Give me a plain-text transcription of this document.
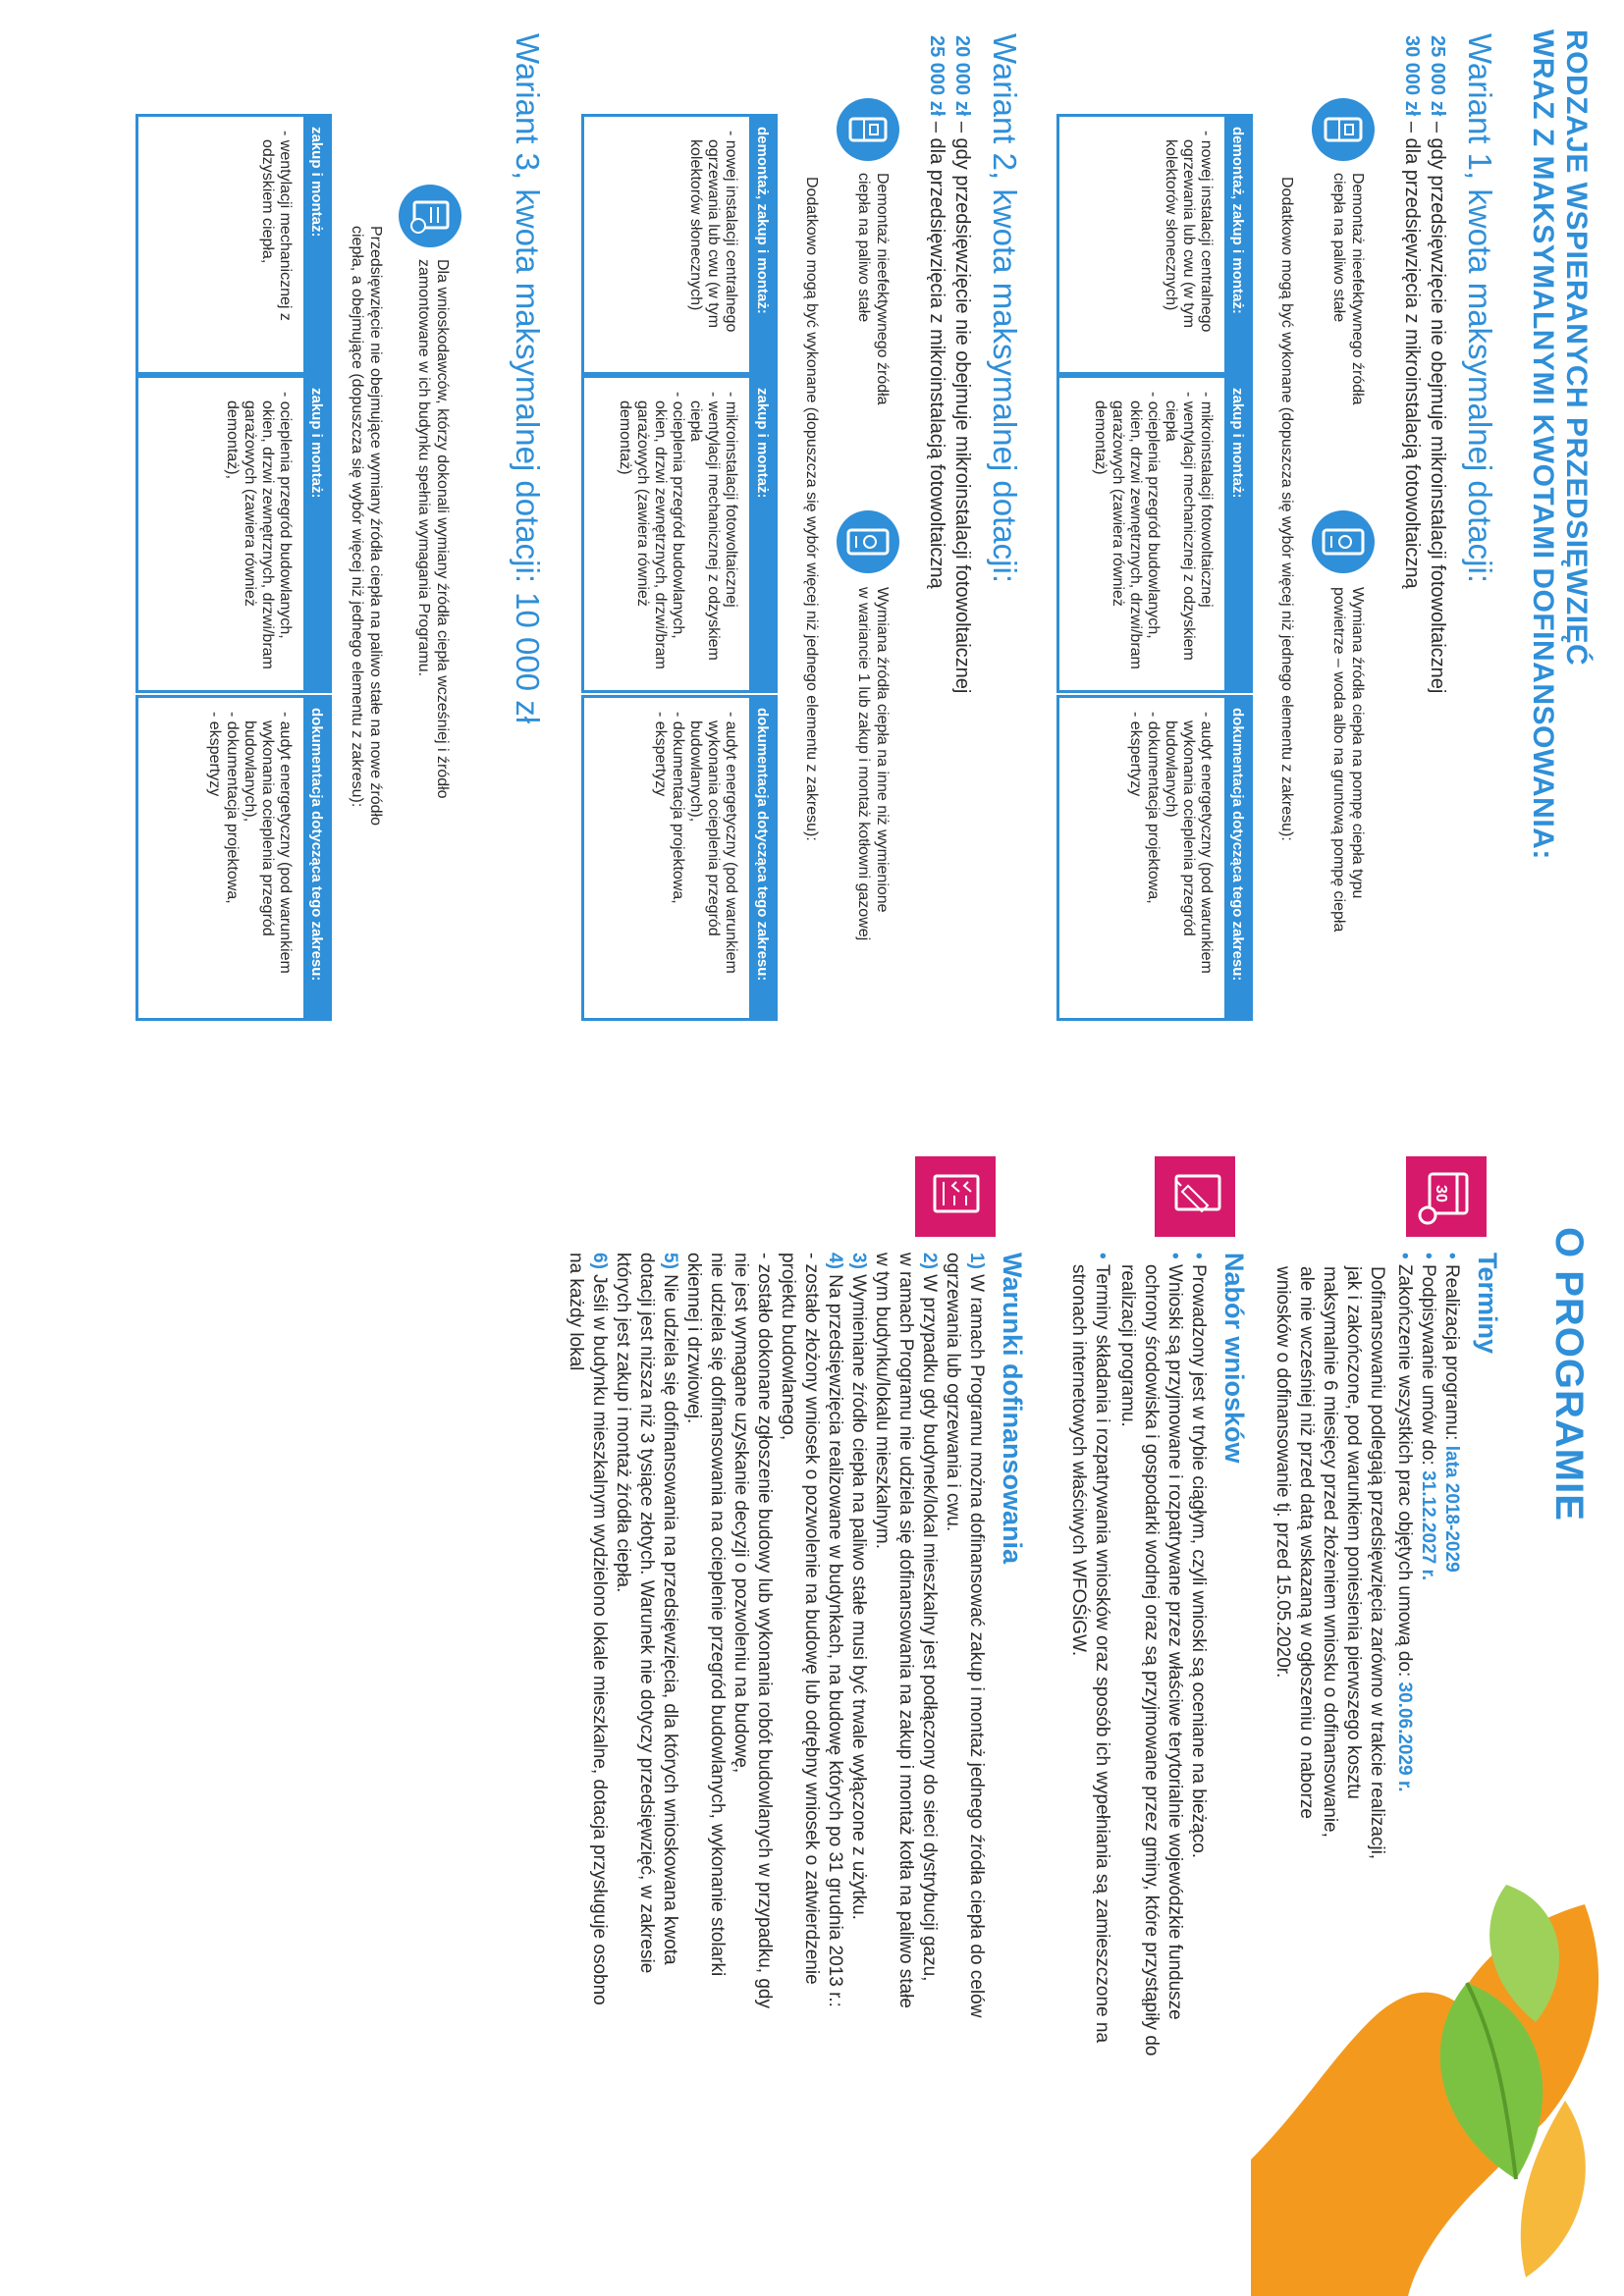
RODZAJE WSPIERANYCH PRZEDSIĘWZIĘĆ
WRAZ Z MAKSYMALNYMI KWOTAMI DOFINANSOWANIA:
Wariant 1, kwota maksymalnej dotacji:
25 000 zł – gdy przedsięwzięcie nie obejmuje mikroinstalacji fotowoltaicznej
30 000 zł – dla przedsięwzięcia z mikroinstalacją fotowoltaiczną
Demontaż nieefektywnego źródła
ciepła na paliwo stałe
Wymiana źródła ciepła na pompę ciepła typu
powietrze – woda albo na gruntową pompę ciepła
Dodatkowo mogą być wykonane (dopuszcza się wybór więcej niż jednego elementu z zakresu):
demontaż, zakup i montaż:
- nowej instalacji centralnego ogrzewania lub cwu (w tym kolektorów słonecznych)
zakup i montaż:
- mikroinstalacji fotowoltaicznej
- wentylacji mechanicznej z odzyskiem ciepła
- ocieplenia przegród budowlanych, okien, drzwi zewnętrznych, drzwi/bram garażowych (zawiera również demontaż)
dokumentacja dotycząca tego zakresu:
- audyt energetyczny (pod warunkiem wykonania ocieplenia przegród budowlanych)
- dokumentacja projektowa,
- ekspertyzy
Wariant 2, kwota maksymalnej dotacji:
20 000 zł – gdy przedsięwzięcie nie obejmuje mikroinstalacji fotowoltaicznej
25 000 zł – dla przedsięwzięcia z mikroinstalacją fotowoltaiczną
Demontaż nieefektywnego źródła
ciepła na paliwo stałe
Wymiana źródła ciepła na inne niż wymienione
w wariancie 1 lub zakup i montaż kotłowni gazowej
Dodatkowo mogą być wykonane (dopuszcza się wybór więcej niż jednego elementu z zakresu):
demontaż, zakup i montaż:
- nowej instalacji centralnego ogrzewania lub cwu (w tym kolektorów słonecznych)
zakup i montaż:
- mikroinstalacji fotowoltaicznej
- wentylacji mechanicznej z odzyskiem ciepła
- ocieplenia przegród budowlanych, okien, drzwi zewnętrznych, drzwi/bram garażowych (zawiera również demontaż)
dokumentacja dotycząca tego zakresu:
- audyt energetyczny (pod warunkiem wykonania ocieplenia przegród budowlanych),
- dokumentacja projektowa,
- ekspertyzy
Wariant 3, kwota maksymalnej dotacji: 10 000 zł
Dla wnioskodawców, którzy dokonali wymiany źródła ciepła wcześniej i źródło
zamontowane w ich budynku spełnia wymagania Programu.
Przedsięwzięcie nie obejmujące wymiany źródła ciepła na paliwo stałe na nowe źródło
ciepła, a obejmujące (dopuszcza się wybór więcej niż jednego elementu z zakresu):
zakup i montaż:
- wentylacji mechanicznej z odzyskiem ciepła,
zakup i montaż:
- ocieplenia przegród budowlanych, okien, drzwi zewnętrznych, drzwi/bram garażowych (zawiera również demontaż),
dokumentacja dotycząca tego zakresu:
- audyt energetyczny (pod warunkiem wykonania ocieplenia przegród budowlanych),
- dokumentacja projektowa,
- ekspertyzy
O PROGRAMIE
30
Terminy
• Realizacja programu: lata 2018-2029
• Podpisywanie umów do: 31.12.2027 r.
• Zakończenie wszystkich prac objętych umową do: 30.06.2029 r.
Dofinansowaniu podlegają przedsięwzięcia zarówno w trakcie realizacji,
jak i zakończone, pod warunkiem poniesienia pierwszego kosztu
maksymalnie 6 miesięcy przed złożeniem wniosku o dofinansowanie,
ale nie wcześniej niż przed datą wskazaną w ogłoszeniu o naborze
wniosków o dofinansowanie tj. przed 15.05.2020r.
Nabór wniosków
• Prowadzony jest w trybie ciągłym, czyli wnioski są oceniane na bieżąco.
• Wnioski są przyjmowane i rozpatrywane przez właściwe terytorialnie wojewódzkie fundusze
ochrony środowiska i gospodarki wodnej oraz są przyjmowane przez gminy, które przystąpiły do
realizacji programu.
• Terminy składania i rozpatrywania wniosków oraz sposób ich wypełniania są zamieszczone na
stronach internetowych właściwych WFOŚiGW.
Warunki dofinansowania
1) W ramach Programu można dofinansować zakup i montaż jednego źródła ciepła do celów
ogrzewania lub ogrzewania i cwu.
2) W przypadku gdy budynek/lokal mieszkalny jest podłączony do sieci dystrybucji gazu,
w ramach Programu nie udziela się dofinansowania na zakup i montaż kotła na paliwo stałe
w tym budynku/lokalu mieszkalnym.
3) Wymieniane źródło ciepła na paliwo stałe musi być trwale wyłączone z użytku.
4) Na przedsięwzięcia realizowane w budynkach, na budowę których po 31 grudnia 2013 r.:
- zostało złożony wniosek o pozwolenie na budowę lub odrębny wniosek o zatwierdzenie
projektu budowlanego,
- zostało dokonane zgłoszenie budowy lub wykonania robót budowlanych w przypadku, gdy
nie jest wymagane uzyskanie decyzji o pozwoleniu na budowę,
nie udziela się dofinansowania na ocieplenie przegród budowlanych, wykonanie stolarki
okiennej i drzwiowej.
5) Nie udziela się dofinansowania na przedsięwzięcia, dla których wnioskowana kwota
dotacji jest niższa niż 3 tysiące złotych. Warunek nie dotyczy przedsięwzięć, w zakresie
których jest zakup i montaż źródła ciepła.
6) Jeśli w budynku mieszkalnym wydzielono lokale mieszkalne, dotacja przysługuje osobno
na każdy lokal
